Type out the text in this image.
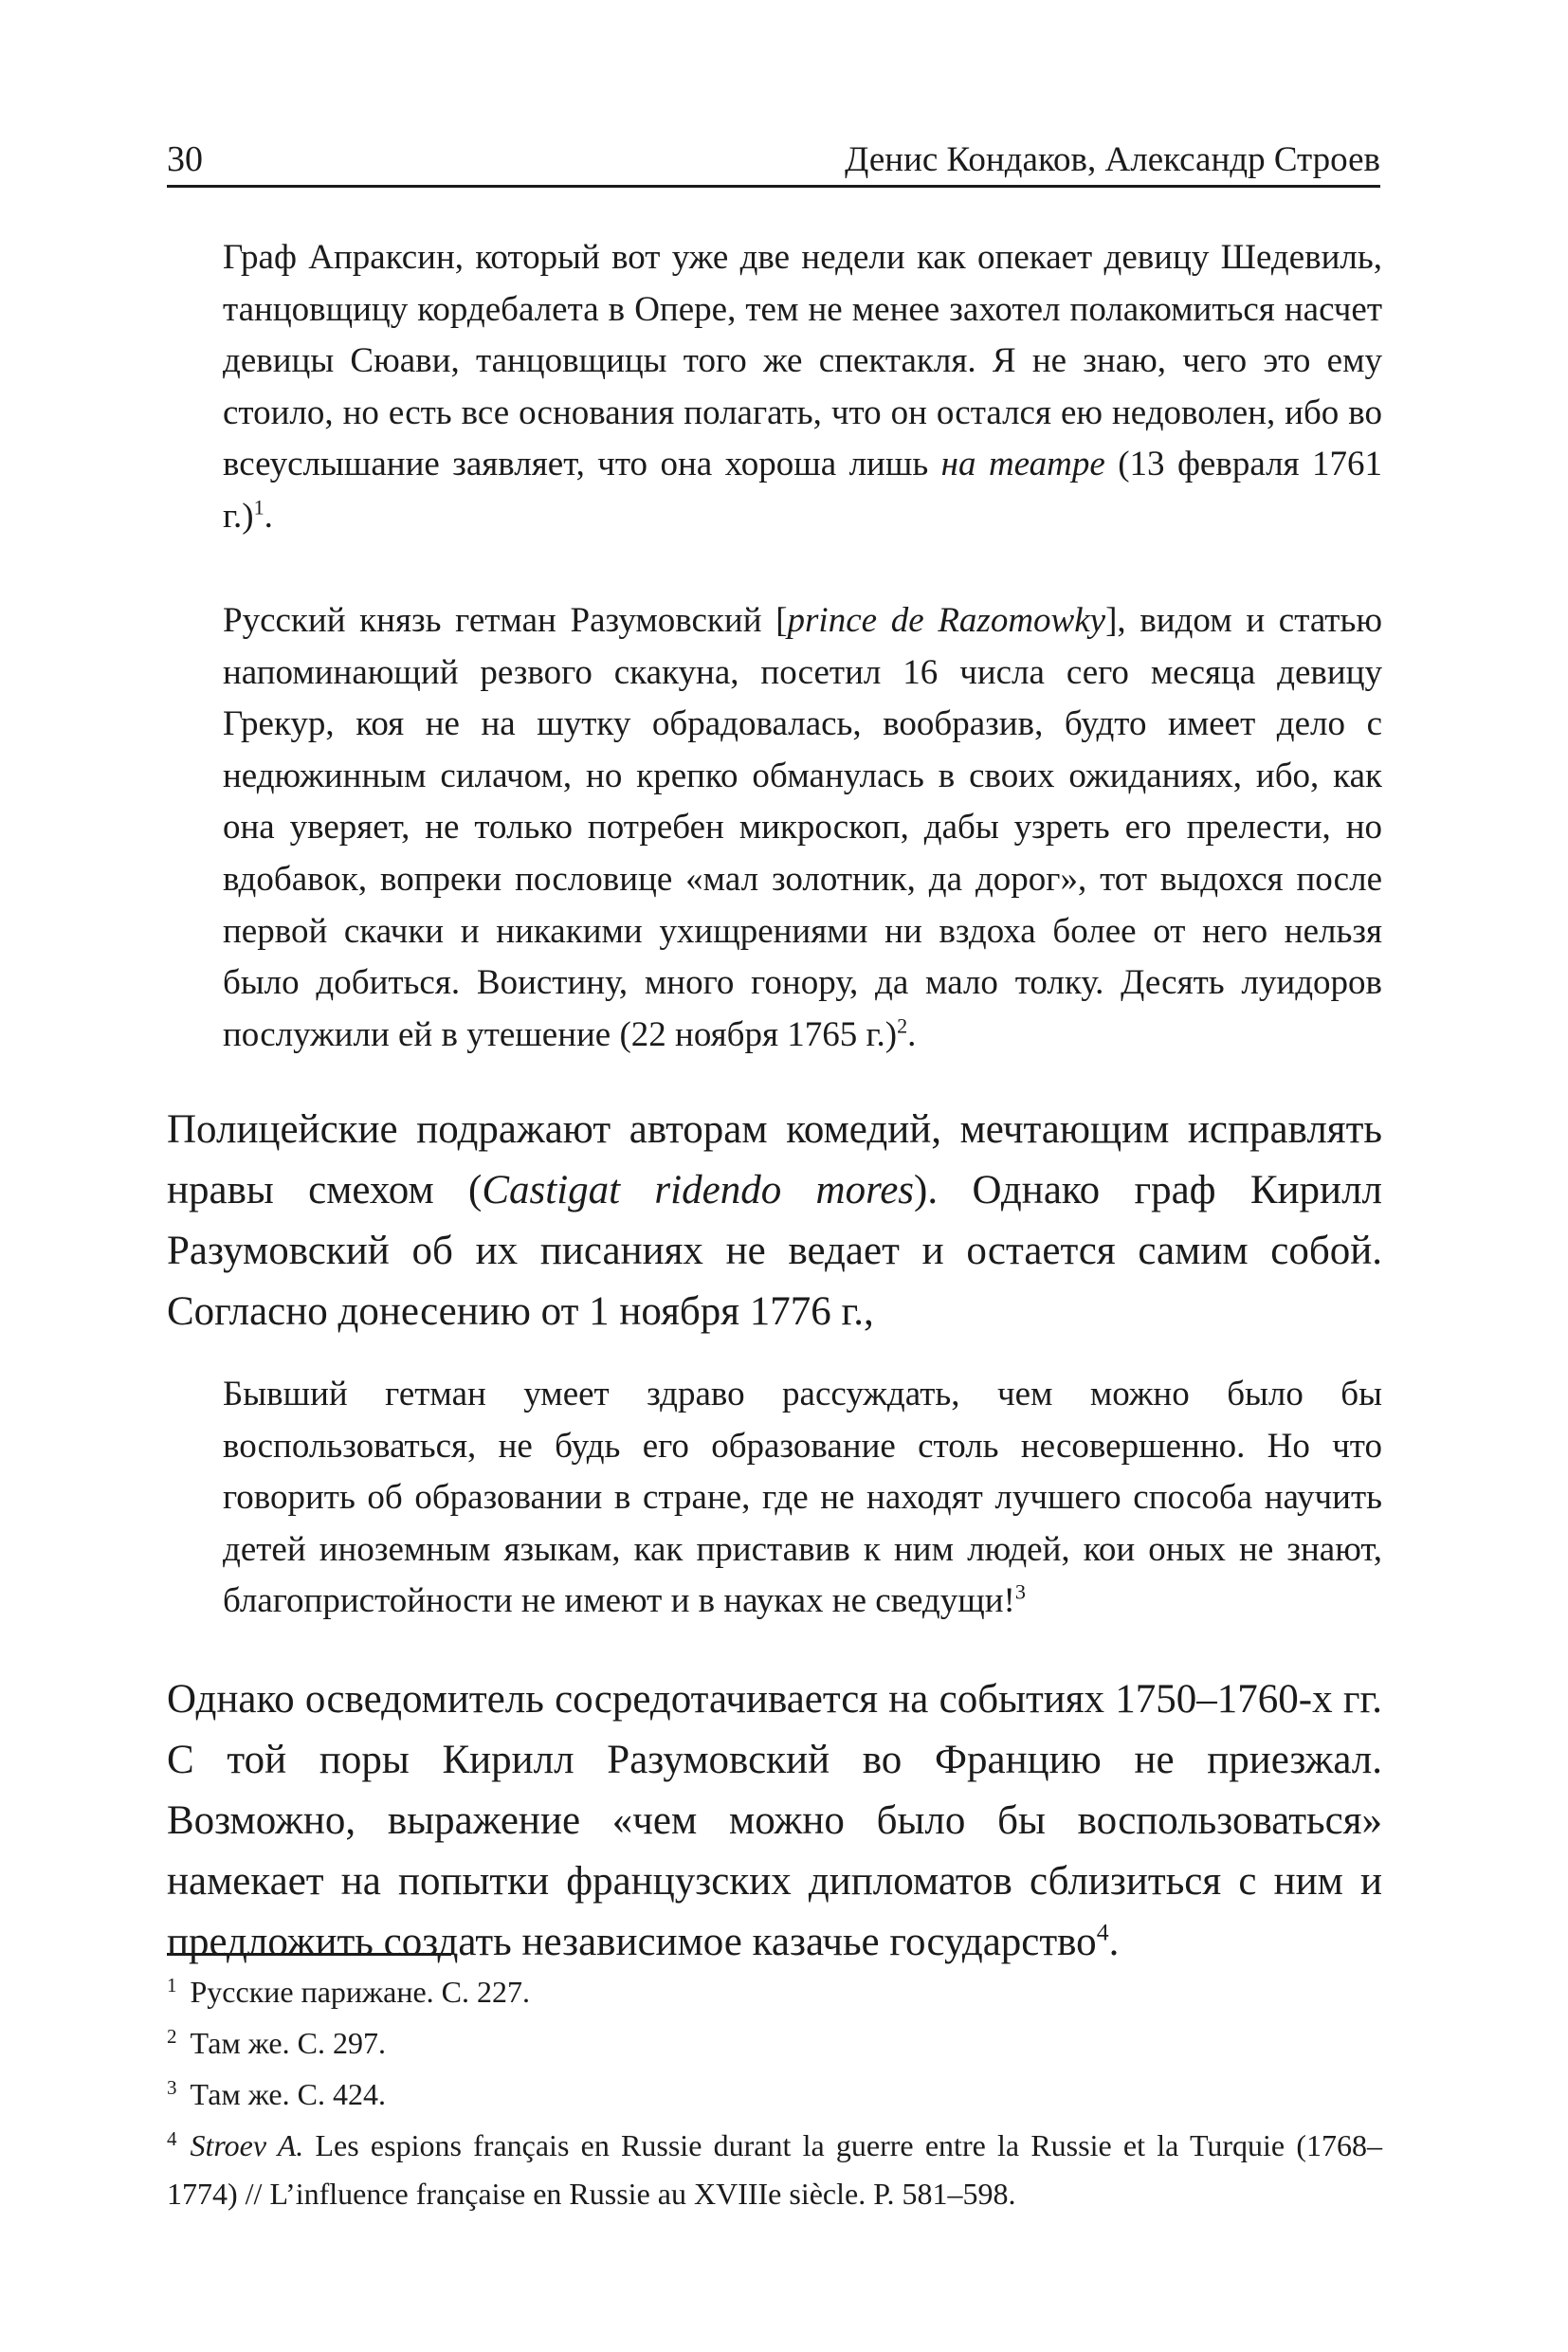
30	Денис Кондаков, Александр Строев

Граф Апраксин, который вот уже две недели как опекает девицу Шедевиль, танцовщицу кордебалета в Опере, тем не менее захотел полакомиться насчет девицы Сюави, танцовщицы того же спектакля. Я не знаю, чего это ему стоило, но есть все основания полагать, что он остался ею недоволен, ибо во всеуслышание заявляет, что она хороша лишь на театре (13 февраля 1761 г.)$^1$.

Русский князь гетман Разумовский [prince de Razomowky], видом и статью напоминающий резвого скакуна, посетил 16 числа сего месяца девицу Грекур, коя не на шутку обрадовалась, вообразив, будто имеет дело с недюжинным силачом, но крепко обманулась в своих ожиданиях, ибо, как она уверяет, не только потребен микроскоп, дабы узреть его прелести, но вдобавок, вопреки пословице «мал золотник, да дорог», тот выдохся после первой скачки и никакими ухищрениями ни вздоха более от него нельзя было добиться. Воистину, много гонору, да мало толку. Десять луидоров послужили ей в утешение (22 ноября 1765 г.)$^2$.

Полицейские подражают авторам комедий, мечтающим исправлять нравы смехом (Castigat ridendo mores). Однако граф Кирилл Разумовский об их писаниях не ведает и остается самим собой. Согласно донесению от 1 ноября 1776 г.,

Бывший гетман умеет здраво рассуждать, чем можно было бы воспользоваться, не будь его образование столь несовершенно. Но что говорить об образовании в стране, где не находят лучшего способа научить детей иноземным языкам, как приставив к ним людей, кои оных не знают, благопристойности не имеют и в науках не сведущи!$^3$

Однако осведомитель сосредотачивается на событиях 1750–1760-х гг. С той поры Кирилл Разумовский во Францию не приезжал. Возможно, выражение «чем можно было бы воспользоваться» намекает на попытки французских дипломатов сблизиться с ним и предложить создать независимое казачье государство$^4$.

$^1$ Русские парижане. С. 227.

$^2$ Там же. С. 297.

$^3$ Там же. С. 424.

$^4$ Stroev A. Les espions français en Russie durant la guerre entre la Russie et la Turquie (1768–1774) // L’influence française en Russie au XVIIIe siècle. P. 581–598.
